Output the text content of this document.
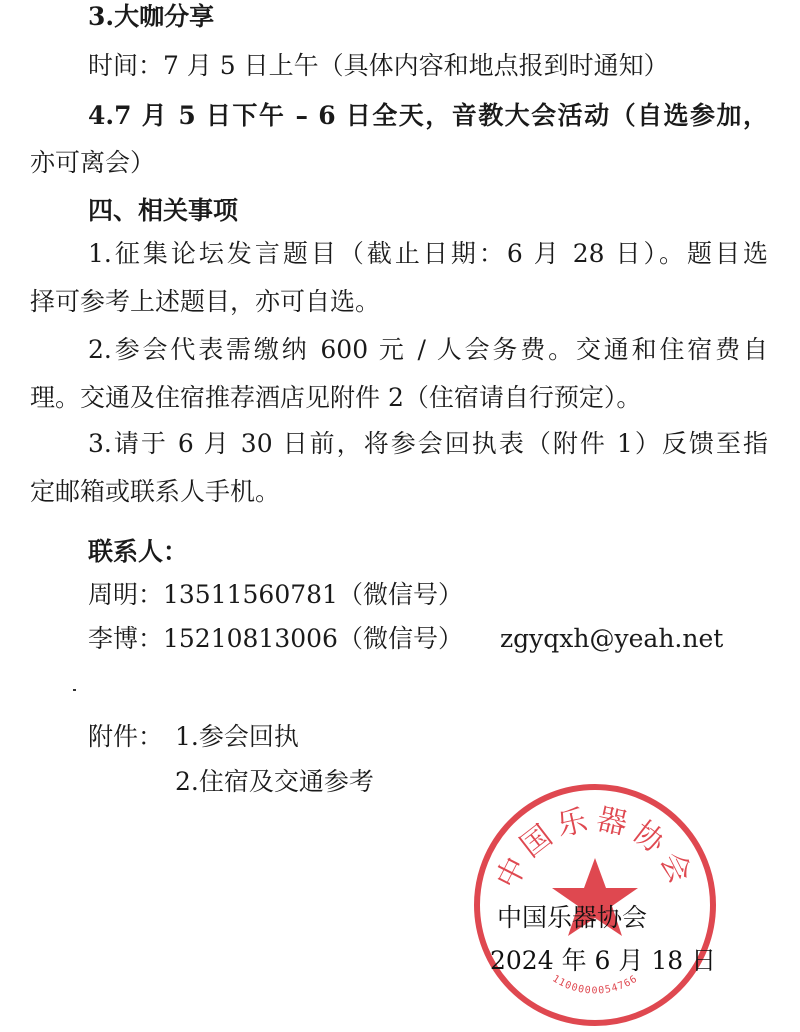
3.大咖分享
时间：7 月 5 日上午（具体内容和地点报到时通知）
4.7 月 5 日下午 – 6 日全天，音教大会活动（自选参加，
亦可离会）
四、相关事项
1.征集论坛发言题目（截止日期：6 月 28 日）。题目选
择可参考上述题目，亦可自选。
2.参会代表需缴纳 600 元 / 人会务费。交通和住宿费自
理。交通及住宿推荐酒店见附件 2（住宿请自行预定）。
3.请于 6 月 30 日前，将参会回执表（附件 1）反馈至指
定邮箱或联系人手机。
联系人：
周明：13511560781（微信号）
李博：15210813006（微信号） zgyqxh@yeah.net
附件： 1.参会回执
2.住宿及交通参考
中国乐器协会
1100000054766
中国乐器协会
2024 年 6 月 18 日
